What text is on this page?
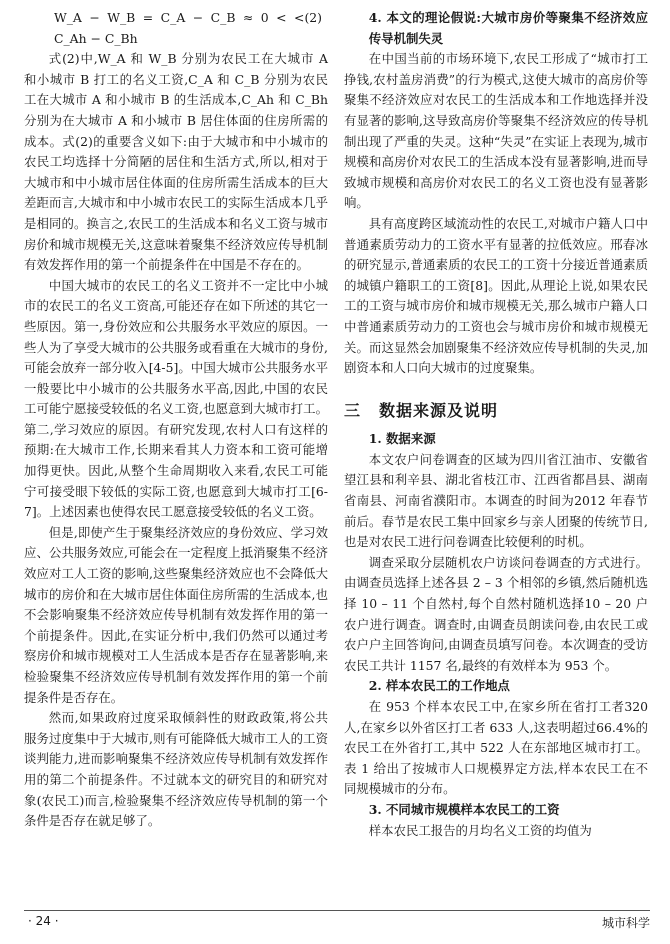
W_A − W_B = C_A − C_B ≈ 0 < < C_Ah − C_Bh
(2)

式(2)中,W_A 和 W_B 分别为农民工在大城市 A 和小城市 B 打工的名义工资,C_A 和 C_B 分别为农民工在大城市 A 和小城市 B 的生活成本,C_Ah 和 C_Bh 分别为在大城市 A 和小城市 B 居住体面的住房所需的成本。式(2)的重要含义如下:由于大城市和中小城市的农民工均选择十分简陋的居住和生活方式,所以,相对于大城市和中小城市居住体面的住房所需生活成本的巨大差距而言,大城市和中小城市农民工的实际生活成本几乎是相同的。换言之,农民工的生活成本和名义工资与城市房价和城市规模无关,这意味着聚集不经济效应传导机制有效发挥作用的第一个前提条件在中国是不存在的。

中国大城市的农民工的名义工资并不一定比中小城市的农民工的名义工资高,可能还存在如下所述的其它一些原因。第一,身份效应和公共服务水平效应的原因。一些人为了享受大城市的公共服务或看重在大城市的身份,可能会放弃一部分收入[4-5]。中国大城市公共服务水平一般要比中小城市的公共服务水平高,因此,中国的农民工可能宁愿接受较低的名义工资,也愿意到大城市打工。第二,学习效应的原因。有研究发现,农村人口有这样的预期:在大城市工作,长期来看其人力资本和工资可能增加得更快。因此,从整个生命周期收入来看,农民工可能宁可接受眼下较低的实际工资,也愿意到大城市打工[6-7]。上述因素也使得农民工愿意接受较低的名义工资。

但是,即使产生于聚集经济效应的身份效应、学习效应、公共服务效应,可能会在一定程度上抵消聚集不经济效应对工人工资的影响,这些聚集经济效应也不会降低大城市的房价和在大城市居住体面住房所需的生活成本,也不会影响聚集不经济效应传导机制有效发挥作用的第一个前提条件。因此,在实证分析中,我们仍然可以通过考察房价和城市规模对工人生活成本是否存在显著影响,来检验聚集不经济效应传导机制有效发挥作用的第一个前提条件是否存在。

然而,如果政府过度采取倾斜性的财政政策,将公共服务过度集中于大城市,则有可能降低大城市工人的工资谈判能力,进而影响聚集不经济效应传导机制有效发挥作用的第二个前提条件。不过就本文的研究目的和研究对象(农民工)而言,检验聚集不经济效应传导机制的第一个条件是否存在就足够了。

4. 本文的理论假说:大城市房价等聚集不经济效应传导机制失灵

在中国当前的市场环境下,农民工形成了“城市打工挣钱,农村盖房消费”的行为模式,这使大城市的高房价等聚集不经济效应对农民工的生活成本和工作地选择并没有显著的影响,这导致高房价等聚集不经济效应的传导机制出现了严重的失灵。这种“失灵”在实证上表现为,城市规模和高房价对农民工的生活成本没有显著影响,进而导致城市规模和高房价对农民工的名义工资也没有显著影响。

具有高度跨区域流动性的农民工,对城市户籍人口中普通素质劳动力的工资水平有显著的拉低效应。邢春冰的研究显示,普通素质的农民工的工资十分接近普通素质的城镇户籍职工的工资[8]。因此,从理论上说,如果农民工的工资与城市房价和城市规模无关,那么城市户籍人口中普通素质劳动力的工资也会与城市房价和城市规模无关。而这显然会加剧聚集不经济效应传导机制的失灵,加剧资本和人口向大城市的过度聚集。

三 数据来源及说明

1. 数据来源

本文农户问卷调查的区域为四川省江油市、安徽省望江县和利辛县、湖北省枝江市、江西省都昌县、湖南省南县、河南省濮阳市。本调查的时间为2012 年春节前后。春节是农民工集中回家乡与亲人团聚的传统节日,也是对农民工进行问卷调查比较便利的时机。

调查采取分层随机农户访谈问卷调查的方式进行。由调查员选择上述各县 2 – 3 个相邻的乡镇,然后随机选择 10 – 11 个自然村,每个自然村随机选择10 – 20 户农户进行调查。调查时,由调查员朗读问卷,由农民工或农户户主回答询问,由调查员填写问卷。本次调查的受访农民工共计 1157 名,最终的有效样本为 953 个。

2. 样本农民工的工作地点

在 953 个样本农民工中,在家乡所在省打工者320 人,在家乡以外省区打工者 633 人,这表明超过66.4%的农民工在外省打工,其中 522 人在东部地区城市打工。表 1 给出了按城市人口规模界定方法,样本农民工在不同规模城市的分布。

3. 不同城市规模样本农民工的工资

样本农民工报告的月均名义工资的均值为

· 24 ·	城市科学
